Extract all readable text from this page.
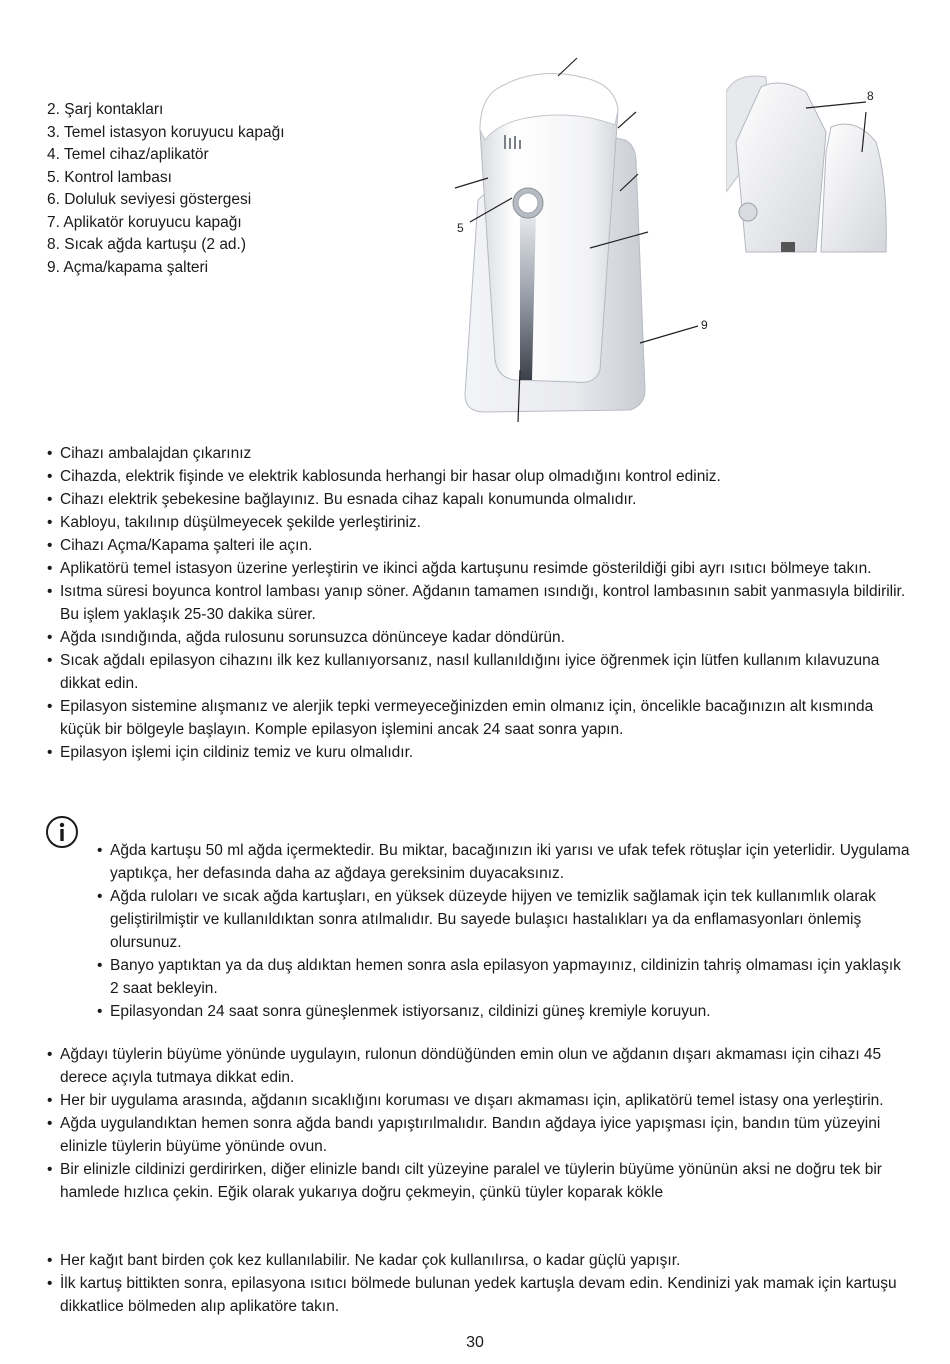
2. Şarj kontakları
3. Temel istasyon koruyucu kapağı
4. Temel cihaz/aplikatör
5. Kontrol lambası
6. Doluluk seviyesi göstergesi
7. Aplikatör koruyucu kapağı
8. Sıcak ağda kartuşu (2 ad.)
9. Açma/kapama şalteri
5
9
8
• Cihazı ambalajdan çıkarınız
• Cihazda, elektrik fişinde ve elektrik kablosunda herhangi bir hasar olup olmadığını kontrol ediniz.
• Cihazı elektrik şebekesine bağlayınız. Bu esnada cihaz kapalı konumunda olmalıdır.
• Kabloyu, takılınıp düşülmeyecek şekilde yerleştiriniz.
• Cihazı Açma/Kapama şalteri ile açın.
• Aplikatörü temel istasyon üzerine yerleştirin ve ikinci ağda kartuşunu resimde gösterildiği gibi ayrı ısıtıcı bölmeye takın.
• Isıtma süresi boyunca kontrol lambası yanıp söner. Ağdanın tamamen ısındığı, kontrol lambasının sabit yanmasıyla bildirilir. Bu işlem yaklaşık 25-30 dakika sürer.
• Ağda ısındığında, ağda rulosunu sorunsuzca dönünceye kadar döndürün.
• Sıcak ağdalı epilasyon cihazını ilk kez kullanıyorsanız, nasıl kullanıldığını iyice öğrenmek için lütfen kullanım kılavuzuna dikkat edin.
• Epilasyon sistemine alışmanız ve alerjik tepki vermeyeceğinizden emin olmanız için, öncelikle bacağınızın alt kısmında küçük bir bölgeyle başlayın. Komple epilasyon işlemini ancak 24 saat sonra yapın.
• Epilasyon işlemi için cildiniz temiz ve kuru olmalıdır.
• Ağda kartuşu 50 ml ağda içermektedir. Bu miktar, bacağınızın iki yarısı ve ufak tefek rötuşlar için yeterlidir. Uygulama yaptıkça, her defasında daha az ağdaya gereksinim duyacaksınız.
• Ağda ruloları ve sıcak ağda kartuşları, en yüksek düzeyde hijyen ve temizlik sağlamak için tek kullanımlık olarak geliştirilmiştir ve kullanıldıktan sonra atılmalıdır. Bu sayede bulaşıcı hastalıkları ya da enflamasyonları önlemiş olursunuz.
• Banyo yaptıktan ya da duş aldıktan hemen sonra asla epilasyon yapmayınız, cildinizin tahriş olmaması için yaklaşık 2 saat bekleyin.
• Epilasyondan 24 saat sonra güneşlenmek istiyorsanız, cildinizi güneş kremiyle koruyun.
• Ağdayı tüylerin büyüme yönünde uygulayın, rulonun döndüğünden emin olun ve ağdanın dışarı akmaması için cihazı 45 derece açıyla tutmaya dikkat edin.
• Her bir uygulama arasında, ağdanın sıcaklığını koruması ve dışarı akmaması için, aplikatörü temel istasy ona yerleştirin.
• Ağda uygulandıktan hemen sonra ağda bandı yapıştırılmalıdır. Bandın ağdaya iyice yapışması için, bandın tüm yüzeyini elinizle tüylerin büyüme yönünde ovun.
• Bir elinizle cildinizi gerdirirken, diğer elinizle bandı cilt yüzeyine paralel ve tüylerin büyüme yönünün aksi ne doğru tek bir hamlede hızlıca çekin. Eğik olarak yukarıya doğru çekmeyin, çünkü tüyler koparak kökle
• Her kağıt bant birden çok kez kullanılabilir. Ne kadar çok kullanılırsa, o kadar güçlü yapışır.
• İlk kartuş bittikten sonra, epilasyona ısıtıcı bölmede bulunan yedek kartuşla devam edin. Kendinizi yak mamak için kartuşu dikkatlice bölmeden alıp aplikatöre takın.
30
